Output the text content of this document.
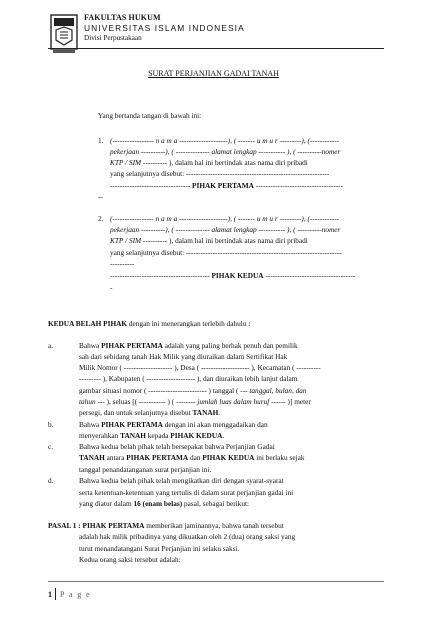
FAKULTAS HUKUM
UNIVERSITAS ISLAM INDONESIA
Divisi Perpustakaan
SURAT PERJANJIAN GADAI TANAH
Yang bertanda tangan di bawah ini:
1. (----------------- n a m a --------------------), ( ------- u m u r ---------), (------------
pekerjaan ----------), ( -------------- alamat lengkap ----------- ), ( ----------nomer
KTP / SIM ---------- ), dalam hal ini bertindak atas nama diri pribadi
yang selanjutnya disebut: -----------------------------------------------------------
--------------------------------- PIHAK PERTAMA ------------------------------------
--
2. (----------------- n a m a --------------------), ( ------- u m u r ---------), (------------
pekerjaan ----------), ( -------------- alamat lengkap ----------- ), ( ----------nomer
KTP / SIM ---------- ), dalam hal ini bertindak atas nama diri pribadi
yang selanjutnya disebut: ----------------------------------------------------------------
----------
----------------------------------------- PIHAK KEDUA -------------------------------------
-
KEDUA BELAH PIHAK dengan ini menerangkan terlebih dahulu :
a.	Bahwa PIHAK PERTAMA adalah yang paling berhak penuh dan pemilik
sah dari sebidang tanah Hak Milik yang diuraikan dalam Sertifikat Hak
Milik Nomor ( -------------------- ), Desa ( -------------------- ), Kecamatan ( ----------
--------- ), Kabupaten ( -------------------- ), dan diuraikan lebih lanjut dalam
gambar situasi nomor ( ------------------------ ) tanggal ( --- tanggal, bulan, dan
tahun --- ), seluas [( ----------- ) ( -------- jumlah luas dalam huruf ------ )] meter
persegi, dan untuk selanjutnya disebut TANAH.
b.	Bahwa PIHAK PERTAMA dengan ini akan menggadaikan dan
menyerahkan TANAH kepada PIHAK KEDUA.
c.	Bahwa kedua belah pihak telah bersepakat bahwa Perjanjian Gadai
TANAH antara PIHAK PERTAMA dan PIHAK KEDUA ini berlaku sejak
tanggal penandatanganan surat perjanjian ini.
d.	Bahwa kedua belah pihak telah mengikatkan diri dengan syarat-syarat
serta ketentuan-ketentuan yang tertulis di dalam surat perjanjian gadai ini
yang diatur dalam 16 (enam belas) pasal, sebagai berikut:
PASAL 1 : PIHAK PERTAMA memberikan jaminannya, bahwa tanah tersebut
adalah hak milik pribadinya yang dikuatkan oleh 2 (dua) orang saksi yang
turut menandatangani Surat Perjanjian ini selaku saksi.
Kedua orang saksi tersebut adalah:
1 P a g e
